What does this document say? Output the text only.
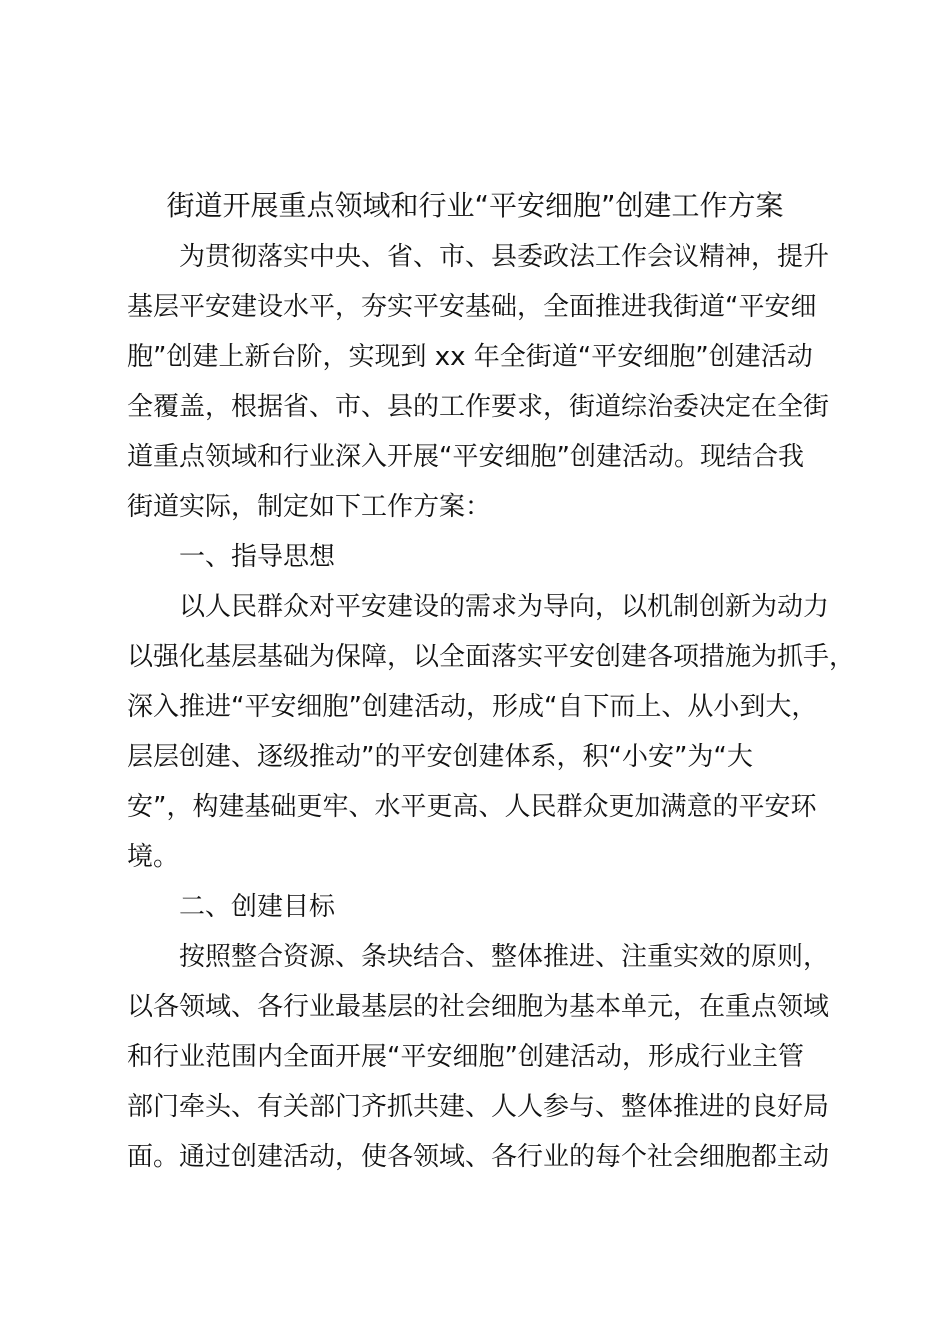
街道开展重点领域和行业“平安细胞”创建工作方案
　　为贯彻落实中央、省、市、县委政法工作会议精神，提升
基层平安建设水平，夯实平安基础，全面推进我街道“平安细
胞”创建上新台阶，实现到 xx 年全街道“平安细胞”创建活动
全覆盖，根据省、市、县的工作要求，街道综治委决定在全街
道重点领域和行业深入开展“平安细胞”创建活动。现结合我
街道实际，制定如下工作方案：
　　一、指导思想
　　以人民群众对平安建设的需求为导向，以机制创新为动力
以强化基层基础为保障，以全面落实平安创建各项措施为抓手，
深入推进“平安细胞”创建活动，形成“自下而上、从小到大，
层层创建、逐级推动”的平安创建体系，积“小安”为“大
安”，构建基础更牢、水平更高、人民群众更加满意的平安环
境。
　　二、创建目标
　　按照整合资源、条块结合、整体推进、注重实效的原则，
以各领域、各行业最基层的社会细胞为基本单元，在重点领域
和行业范围内全面开展“平安细胞”创建活动，形成行业主管
部门牵头、有关部门齐抓共建、人人参与、整体推进的良好局
面。通过创建活动，使各领域、各行业的每个社会细胞都主动
